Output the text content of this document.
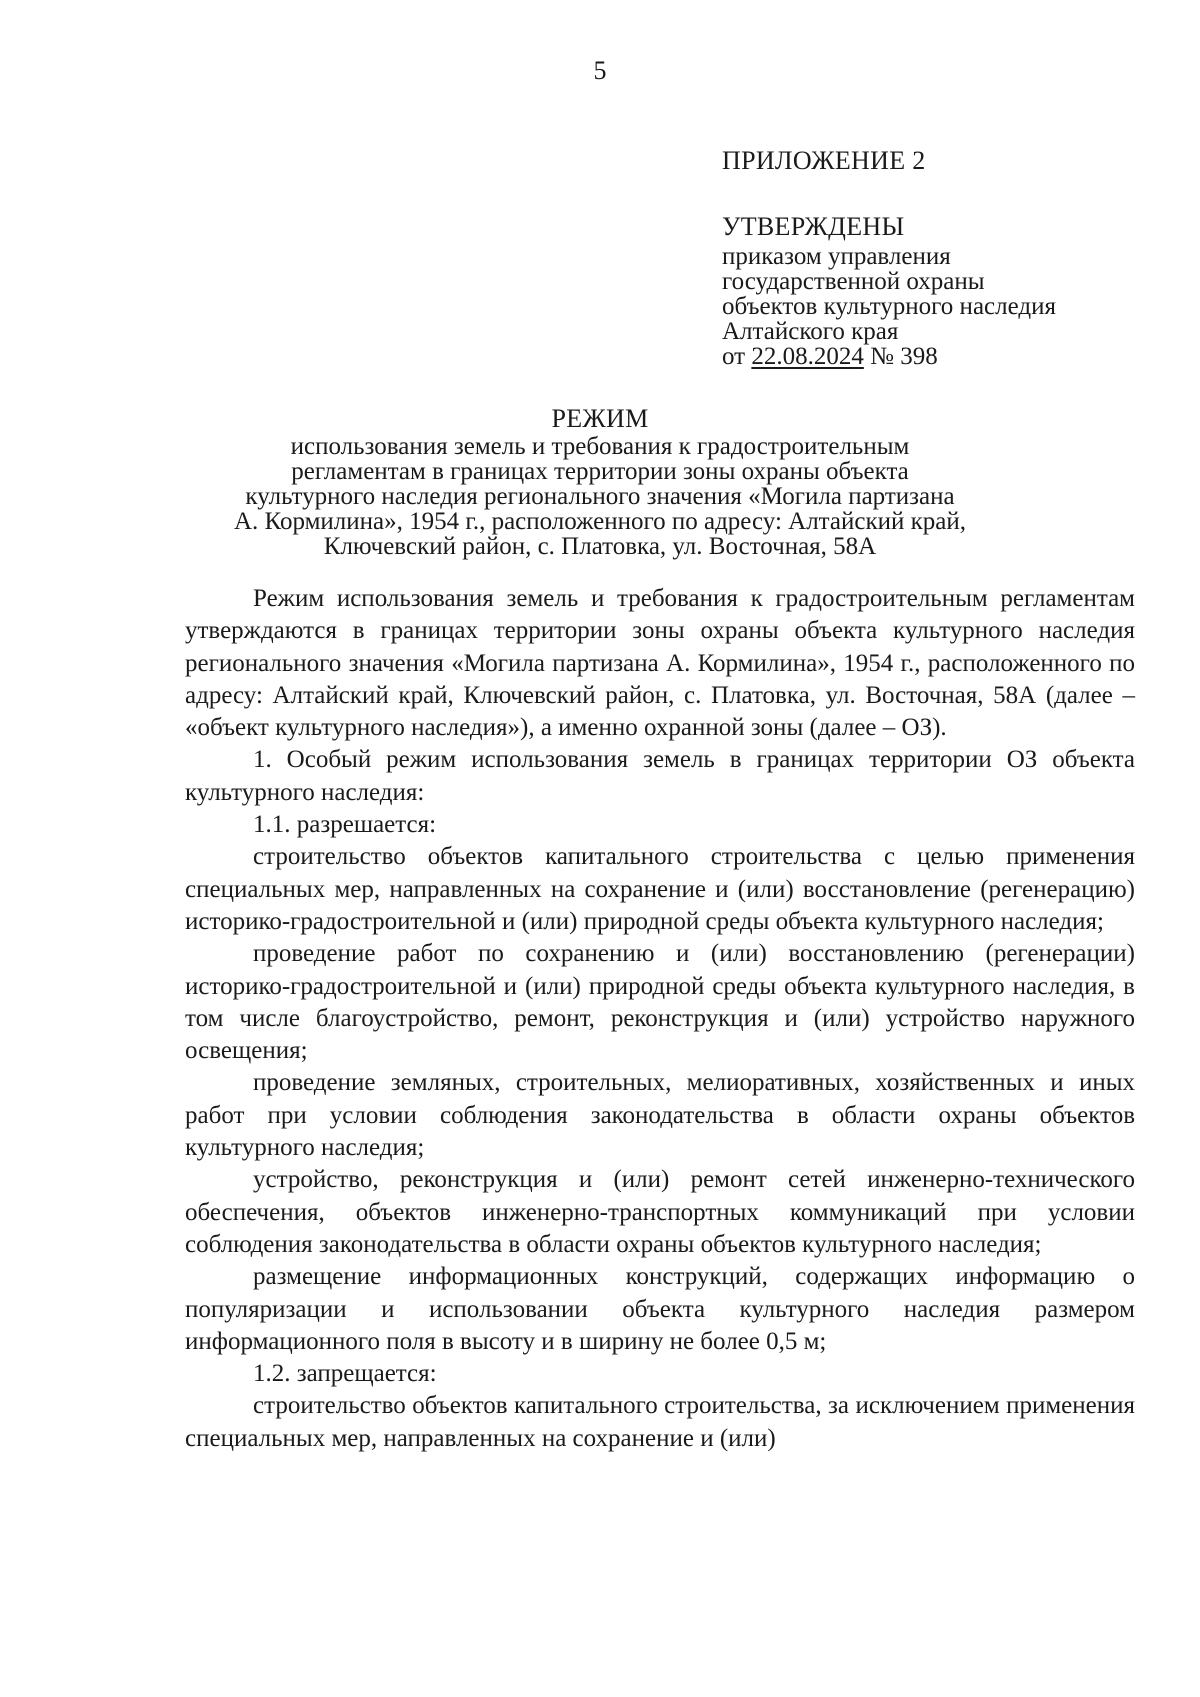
5
ПРИЛОЖЕНИЕ 2
УТВЕРЖДЕНЫ
приказом управления
государственной охраны
объектов культурного наследия
Алтайского края
от 22.08.2024 № 398
РЕЖИМ
использования земель и требования к градостроительным
регламентам в границах территории зоны охраны объекта
культурного наследия регионального значения «Могила партизана
А. Кормилина», 1954 г., расположенного по адресу: Алтайский край,
Ключевский район, с. Платовка, ул. Восточная, 58А

Режим использования земель и требования к градостроительным регламентам утверждаются в границах территории зоны охраны объекта культурного наследия регионального значения «Могила партизана А. Кормилина», 1954 г., расположенного по адресу: Алтайский край, Ключевский район, с. Платовка, ул. Восточная, 58А (далее – «объект культурного наследия»), а именно охранной зоны (далее – ОЗ).

1. Особый режим использования земель в границах территории ОЗ объекта культурного наследия:

1.1. разрешается:

строительство объектов капитального строительства с целью применения специальных мер, направленных на сохранение и (или) восстановление (регенерацию) историко-градостроительной и (или) природной среды объекта культурного наследия;

проведение работ по сохранению и (или) восстановлению (регенерации) историко-градостроительной и (или) природной среды объекта культурного наследия, в том числе благоустройство, ремонт, реконструкция и (или) устройство наружного освещения;

проведение земляных, строительных, мелиоративных, хозяйственных и иных работ при условии соблюдения законодательства в области охраны объектов культурного наследия;

устройство, реконструкция и (или) ремонт сетей инженерно-технического обеспечения, объектов инженерно-транспортных коммуникаций при условии соблюдения законодательства в области охраны объектов культурного наследия;

размещение информационных конструкций, содержащих информацию о популяризации и использовании объекта культурного наследия размером информационного поля в высоту и в ширину не более 0,5 м;

1.2. запрещается:

строительство объектов капитального строительства, за исключением применения специальных мер, направленных на сохранение и (или)
